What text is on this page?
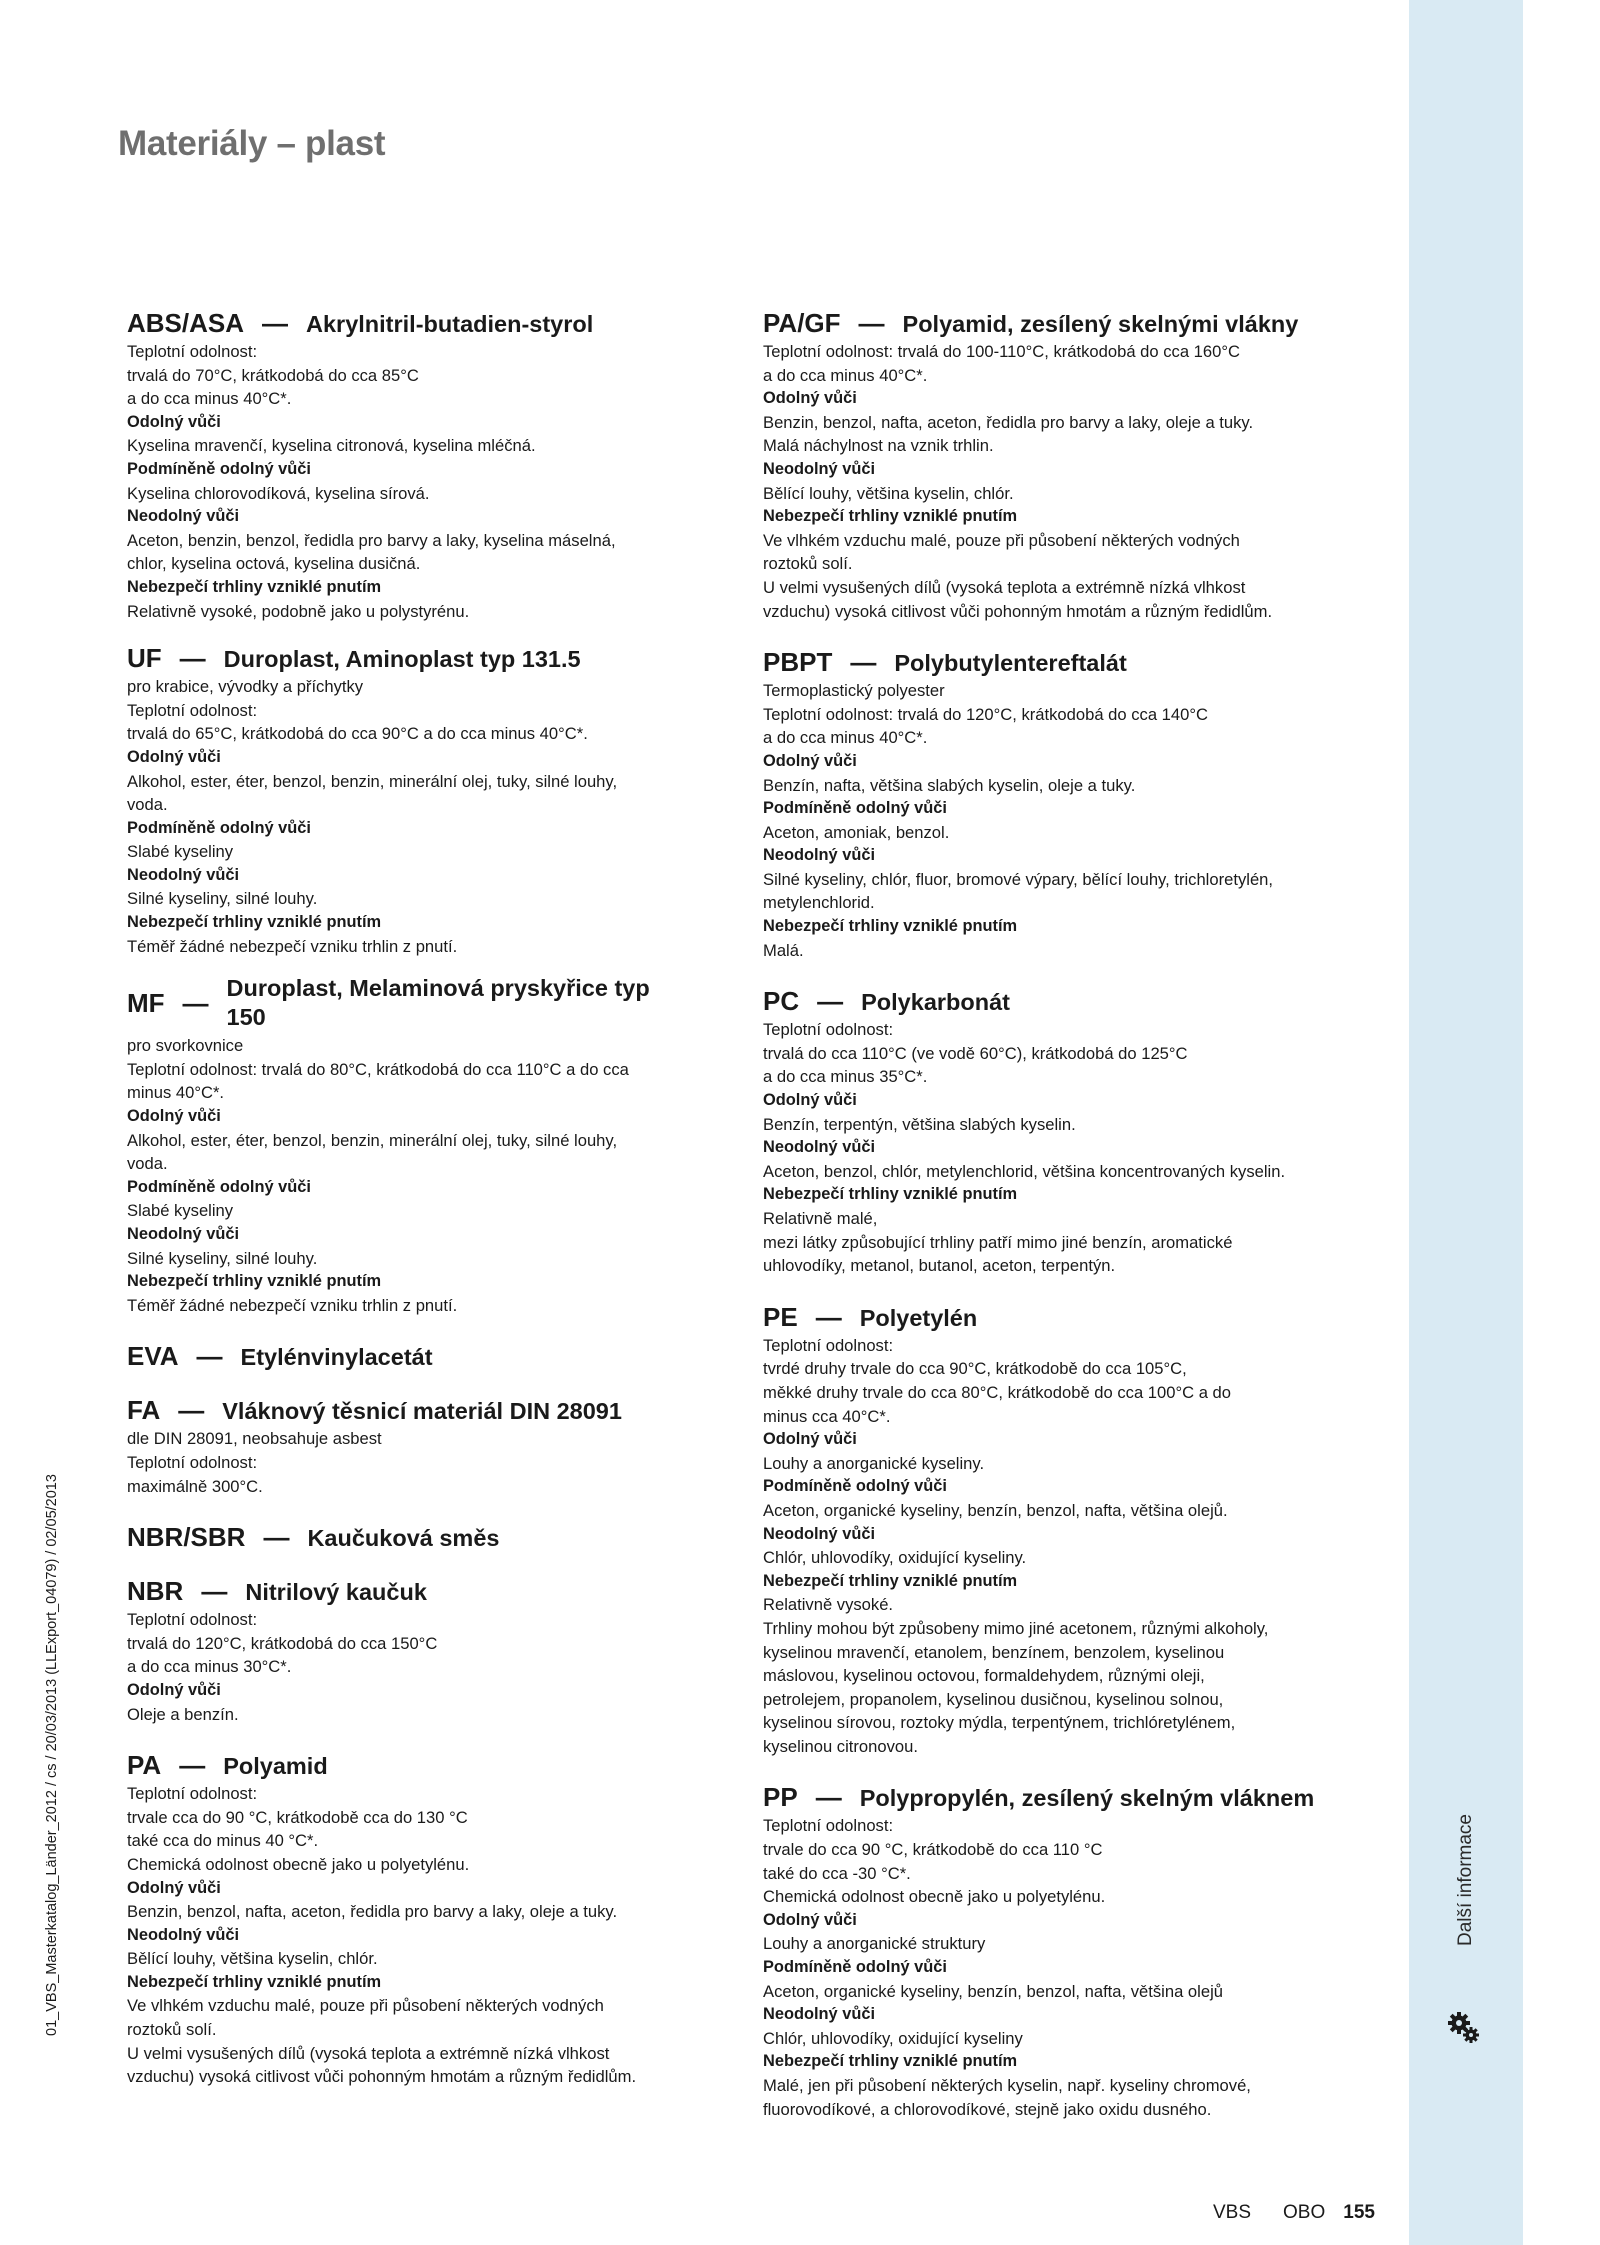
Další informace
Materiály – plast
01_VBS_Masterkatalog_Länder_2012 / cs / 20/03/2013 (LLExport_04079) / 02/05/2013
ABS/ASA — Akrylnitril-butadien-styrol

Teplotní odolnost:

trvalá do 70°C, krátkodobá do cca 85°C

a do cca minus 40°C*.

Odolný vůči

Kyselina mravenčí, kyselina citronová, kyselina mléčná.

Podmíněně odolný vůči

Kyselina chlorovodíková, kyselina sírová.

Neodolný vůči

Aceton, benzin, benzol, ředidla pro barvy a laky, kyselina máselná,

chlor, kyselina octová, kyselina dusičná.

Nebezpečí trhliny vzniklé pnutím

Relativně vysoké, podobně jako u polystyrénu.

UF — Duroplast, Aminoplast typ 131.5

pro krabice, vývodky a příchytky

Teplotní odolnost:

trvalá do 65°C, krátkodobá do cca 90°C a do cca minus 40°C*.

Odolný vůči

Alkohol, ester, éter, benzol, benzin, minerální olej, tuky, silné louhy,

voda.

Podmíněně odolný vůči

Slabé kyseliny

Neodolný vůči

Silné kyseliny, silné louhy.

Nebezpečí trhliny vzniklé pnutím

Téměř žádné nebezpečí vzniku trhlin z pnutí.

MF — Duroplast, Melaminová pryskyřice typ
150

pro svorkovnice

Teplotní odolnost: trvalá do 80°C, krátkodobá do cca 110°C a do cca

minus 40°C*.

Odolný vůči

Alkohol, ester, éter, benzol, benzin, minerální olej, tuky, silné louhy,

voda.

Podmíněně odolný vůči

Slabé kyseliny

Neodolný vůči

Silné kyseliny, silné louhy.

Nebezpečí trhliny vzniklé pnutím

Téměř žádné nebezpečí vzniku trhlin z pnutí.

EVA — Etylénvinylacetát
FA — Vláknový těsnicí materiál DIN 28091

dle DIN 28091, neobsahuje asbest

Teplotní odolnost:

maximálně 300°C.

NBR/SBR — Kaučuková směs
NBR — Nitrilový kaučuk

Teplotní odolnost:

trvalá do 120°C, krátkodobá do cca 150°C

a do cca minus 30°C*.

Odolný vůči

Oleje a benzín.

PA — Polyamid

Teplotní odolnost:

trvale cca do 90 °C, krátkodobě cca do 130 °C

také cca do minus 40 °C*.

Chemická odolnost obecně jako u polyetylénu.

Odolný vůči

Benzin, benzol, nafta, aceton, ředidla pro barvy a laky, oleje a tuky.

Neodolný vůči

Bělící louhy, většina kyselin, chlór.

Nebezpečí trhliny vzniklé pnutím

Ve vlhkém vzduchu malé, pouze při působení některých vodných

roztoků solí.

U velmi vysušených dílů (vysoká teplota a extrémně nízká vlhkost

vzduchu) vysoká citlivost vůči pohonným hmotám a různým ředidlům.

PA/GF — Polyamid, zesílený skelnými vlákny

Teplotní odolnost: trvalá do 100-110°C, krátkodobá do cca 160°C

a do cca minus 40°C*.

Odolný vůči

Benzin, benzol, nafta, aceton, ředidla pro barvy a laky, oleje a tuky.

Malá náchylnost na vznik trhlin.

Neodolný vůči

Bělící louhy, většina kyselin, chlór.

Nebezpečí trhliny vzniklé pnutím

Ve vlhkém vzduchu malé, pouze při působení některých vodných

roztoků solí.

U velmi vysušených dílů (vysoká teplota a extrémně nízká vlhkost

vzduchu) vysoká citlivost vůči pohonným hmotám a různým ředidlům.

PBPT — Polybutylentereftalát

Termoplastický polyester

Teplotní odolnost: trvalá do 120°C, krátkodobá do cca 140°C

a do cca minus 40°C*.

Odolný vůči

Benzín, nafta, většina slabých kyselin, oleje a tuky.

Podmíněně odolný vůči

Aceton, amoniak, benzol.

Neodolný vůči

Silné kyseliny, chlór, fluor, bromové výpary, bělící louhy, trichloretylén,

metylenchlorid.

Nebezpečí trhliny vzniklé pnutím

Malá.

PC — Polykarbonát

Teplotní odolnost:

trvalá do cca 110°C (ve vodě 60°C), krátkodobá do 125°C

a do cca minus 35°C*.

Odolný vůči

Benzín, terpentýn, většina slabých kyselin.

Neodolný vůči

Aceton, benzol, chlór, metylenchlorid, většina koncentrovaných kyselin.

Nebezpečí trhliny vzniklé pnutím

Relativně malé,

mezi látky způsobující trhliny patří mimo jiné benzín, aromatické

uhlovodíky, metanol, butanol, aceton, terpentýn.

PE — Polyetylén

Teplotní odolnost:

tvrdé druhy trvale do cca 90°C, krátkodobě do cca 105°C,

měkké druhy trvale do cca 80°C, krátkodobě do cca 100°C a do

minus cca 40°C*.

Odolný vůči

Louhy a anorganické kyseliny.

Podmíněně odolný vůči

Aceton, organické kyseliny, benzín, benzol, nafta, většina olejů.

Neodolný vůči

Chlór, uhlovodíky, oxidující kyseliny.

Nebezpečí trhliny vzniklé pnutím

Relativně vysoké.

Trhliny mohou být způsobeny mimo jiné acetonem, různými alkoholy,

kyselinou mravenčí, etanolem, benzínem, benzolem, kyselinou

máslovou, kyselinou octovou, formaldehydem, různými oleji,

petrolejem, propanolem, kyselinou dusičnou, kyselinou solnou,

kyselinou sírovou, roztoky mýdla, terpentýnem, trichlóretylénem,

kyselinou citronovou.

PP — Polypropylén, zesílený skelným vláknem

Teplotní odolnost:

trvale do cca 90 °C, krátkodobě do cca 110 °C

také do cca -30 °C*.

Chemická odolnost obecně jako u polyetylénu.

Odolný vůči

Louhy a anorganické struktury

Podmíněně odolný vůči

Aceton, organické kyseliny, benzín, benzol, nafta, většina olejů

Neodolný vůči

Chlór, uhlovodíky, oxidující kyseliny

Nebezpečí trhliny vzniklé pnutím

Malé, jen při působení některých kyselin, např. kyseliny chromové,

fluorovodíkové, a chlorovodíkové, stejně jako oxidu dusného.

VBS OBO 155
